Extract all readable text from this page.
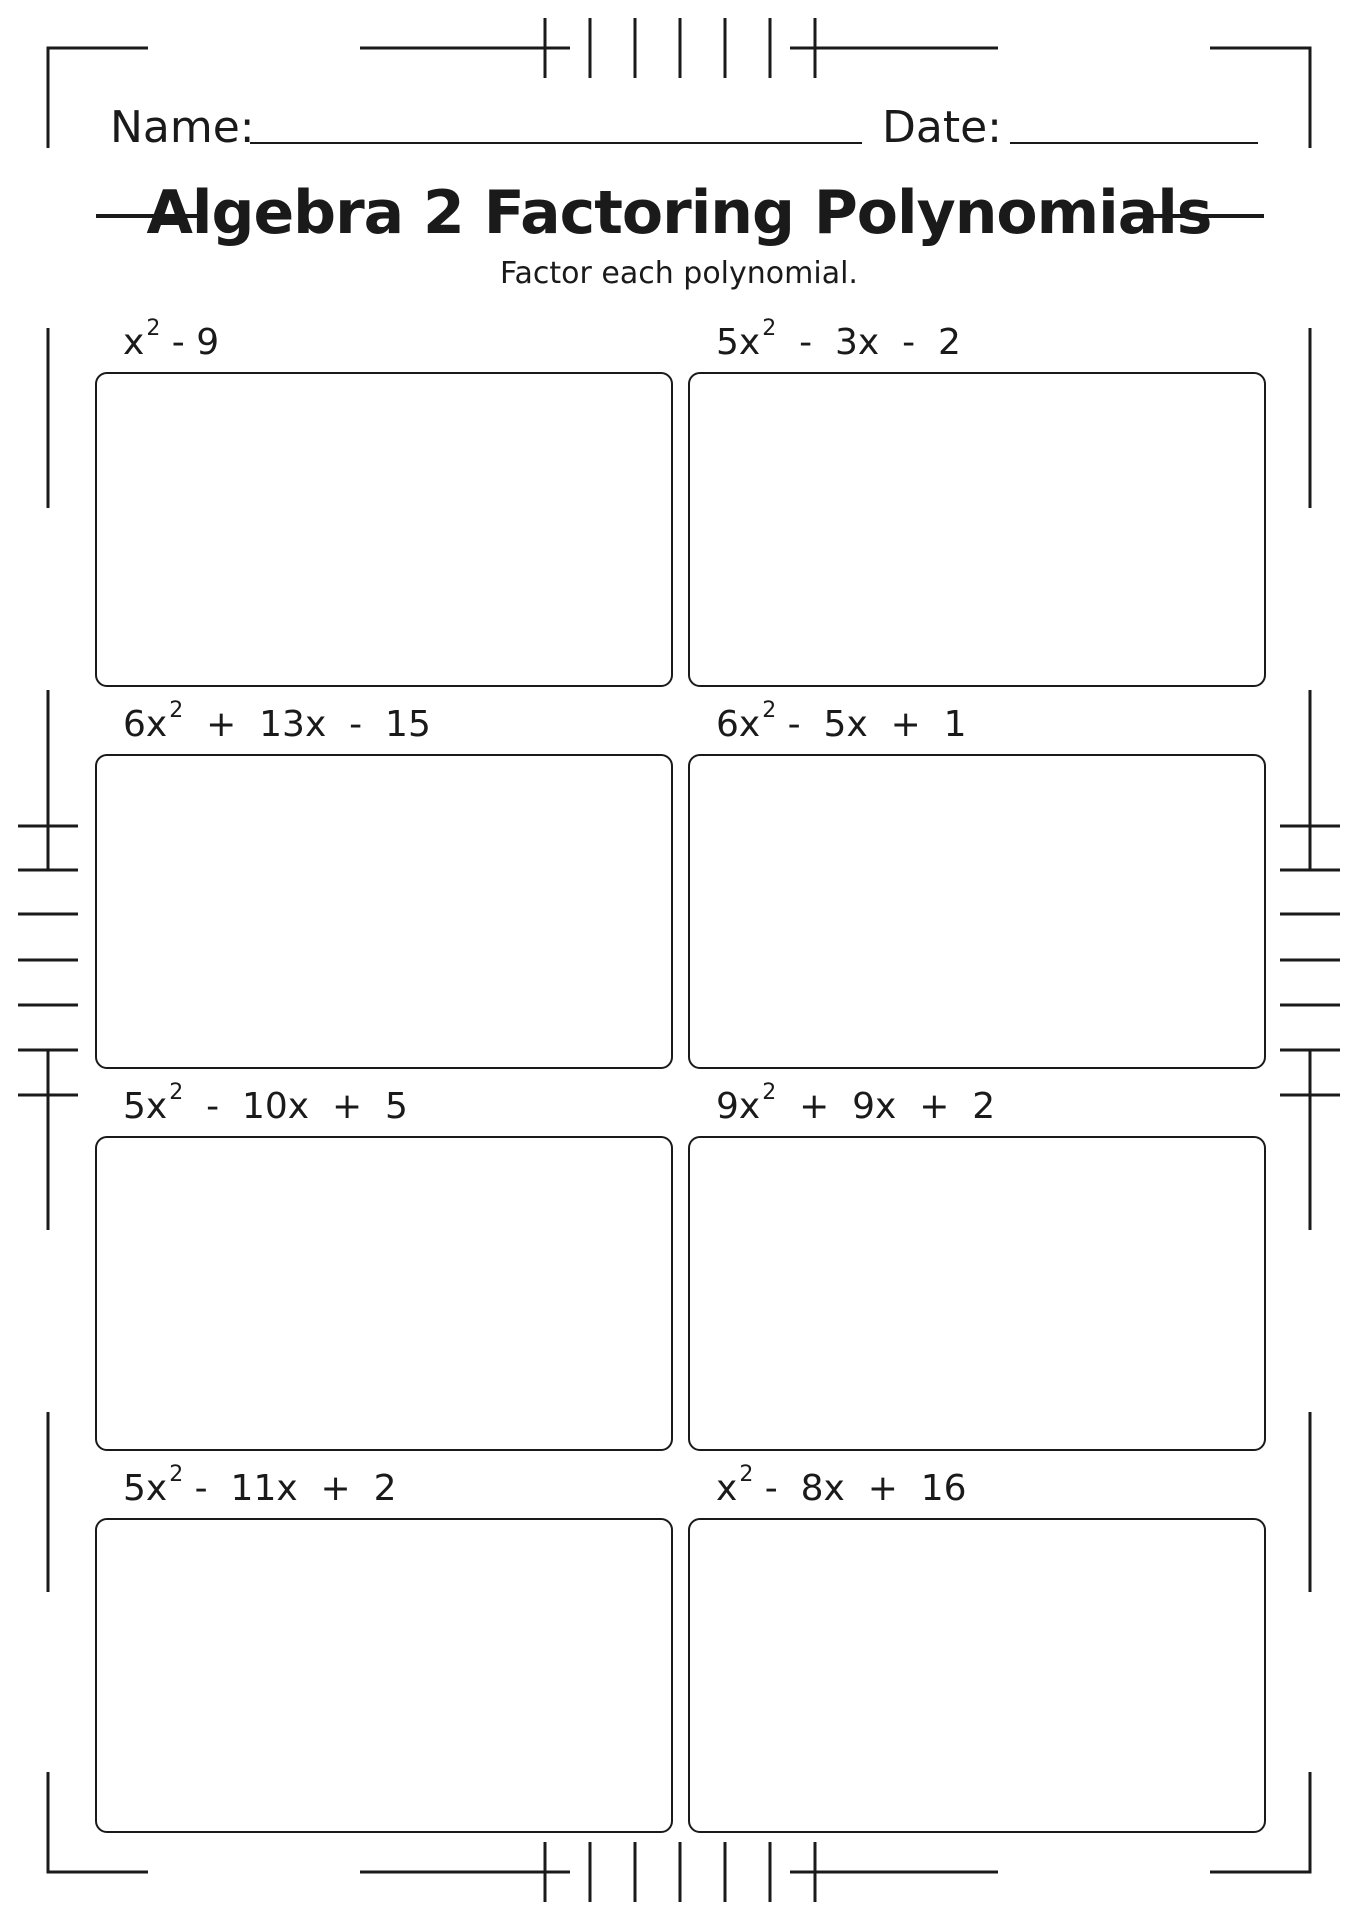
Name:	Date:
Algebra 2 Factoring Polynomials
Factor each polynomial.
$x^2 - 9$	$5x^2 - 3x - 2$
$6x^2 + 13x - 15$	$6x^2 - 5x + 1$
$5x^2 - 10x + 5$	$9x^2 + 9x + 2$
$5x^2 - 11x + 2$	$x^2 - 8x + 16$
